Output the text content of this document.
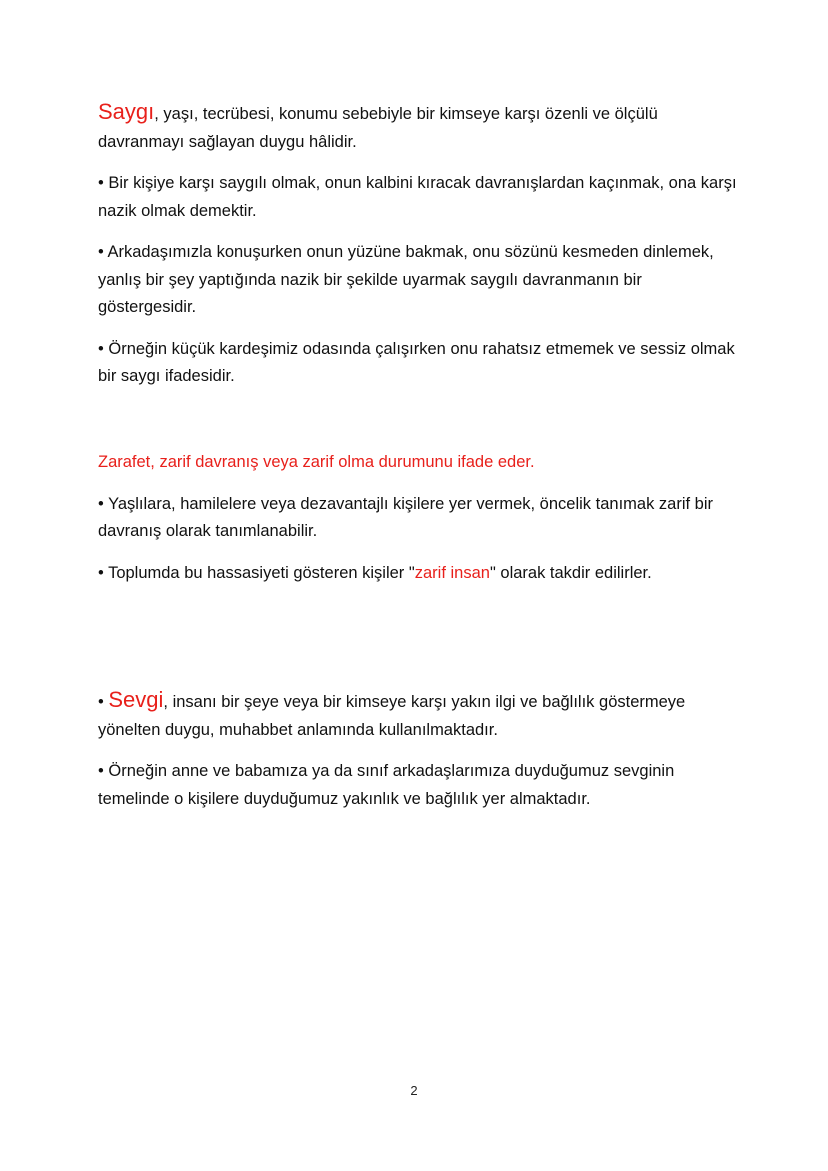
Saygı, yaşı, tecrübesi, konumu sebebiyle bir kimseye karşı özenli ve ölçülü davranmayı sağlayan duygu hâlidir.

• Bir kişiye karşı saygılı olmak, onun kalbini kıracak davranışlardan kaçınmak, ona karşı nazik olmak demektir.

• Arkadaşımızla konuşurken onun yüzüne bakmak, onu sözünü kesmeden dinlemek, yanlış bir şey yaptığında nazik bir şekilde uyarmak saygılı davranmanın bir göstergesidir.

• Örneğin küçük kardeşimiz odasında çalışırken onu rahatsız etmemek ve sessiz olmak bir saygı ifadesidir.

Zarafet, zarif davranış veya zarif olma durumunu ifade eder.

• Yaşlılara, hamilelere veya dezavantajlı kişilere yer vermek, öncelik tanımak zarif bir davranış olarak tanımlanabilir.

• Toplumda bu hassasiyeti gösteren kişiler "zarif insan" olarak takdir edilirler.

• Sevgi, insanı bir şeye veya bir kimseye karşı yakın ilgi ve bağlılık göstermeye yönelten duygu, muhabbet anlamında kullanılmaktadır.

• Örneğin anne ve babamıza ya da sınıf arkadaşlarımıza duyduğumuz sevginin temelinde o kişilere duyduğumuz yakınlık ve bağlılık yer almaktadır.

2
